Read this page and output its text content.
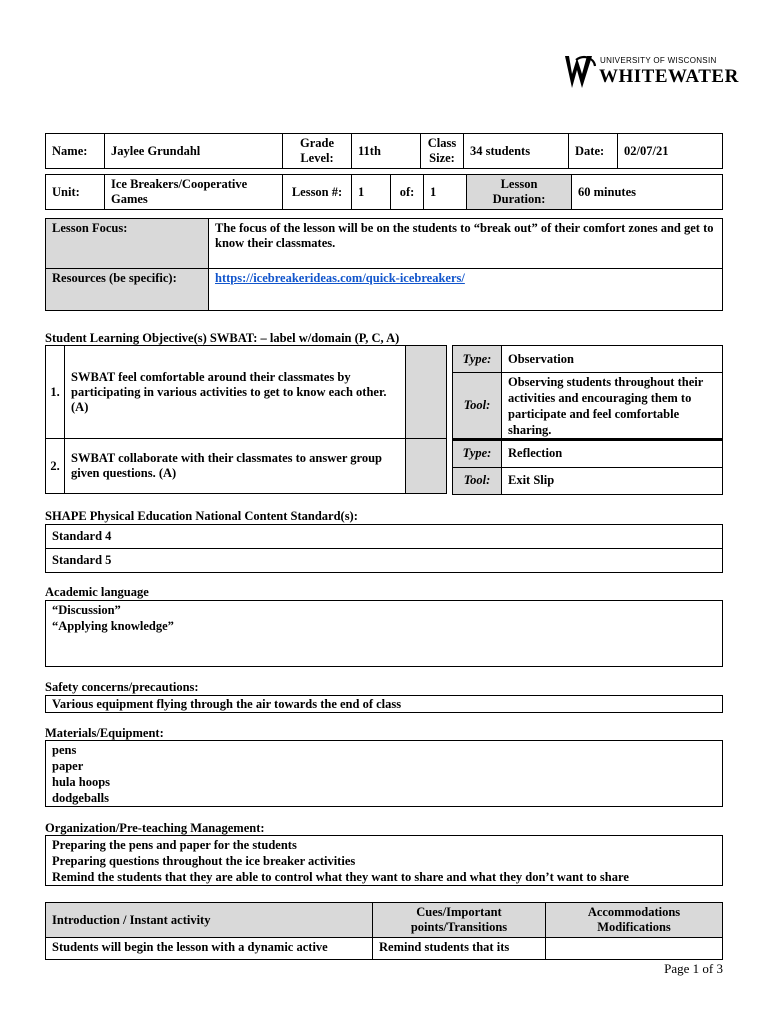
UNIVERSITY OF WISCONSIN
WHITEWATER
Name:	Jaylee Grundahl	Grade Level:	11th	Class Size:	34 students	Date:	02/07/21
Unit:	Ice Breakers/Cooperative Games	Lesson #:	1	of:	1	Lesson Duration:	60 minutes
Lesson Focus:	The focus of the lesson will be on the students to “break out” of their comfort zones and get to know their classmates.
Resources (be specific):	https://icebreakerideas.com/quick-icebreakers/
Student Learning Objective(s) SWBAT: – label w/domain (P, C, A)
1.	SWBAT feel comfortable around their classmates by participating in various activities to get to know each other. (A)	
2.	SWBAT collaborate with their classmates to answer group given questions. (A)	
Type:	Observation
Tool:	Observing students throughout their activities and encouraging them to participate and feel comfortable sharing.
Type:	Reflection
Tool:	Exit Slip
SHAPE Physical Education National Content Standard(s):
Standard 4
Standard 5
Academic language
“Discussion”
“Applying knowledge”
Safety concerns/precautions:
Various equipment flying through the air towards the end of class
Materials/Equipment:
pens
paper
hula hoops
dodgeballs
Organization/Pre-teaching Management:
Preparing the pens and paper for the students
Preparing questions throughout the ice breaker activities
Remind the students that they are able to control what they want to share and what they don’t want to share
Introduction / Instant activity	Cues/Important points/Transitions	Accommodations Modifications
Students will begin the lesson with a dynamic active	Remind students that its	
Page 1 of 3
